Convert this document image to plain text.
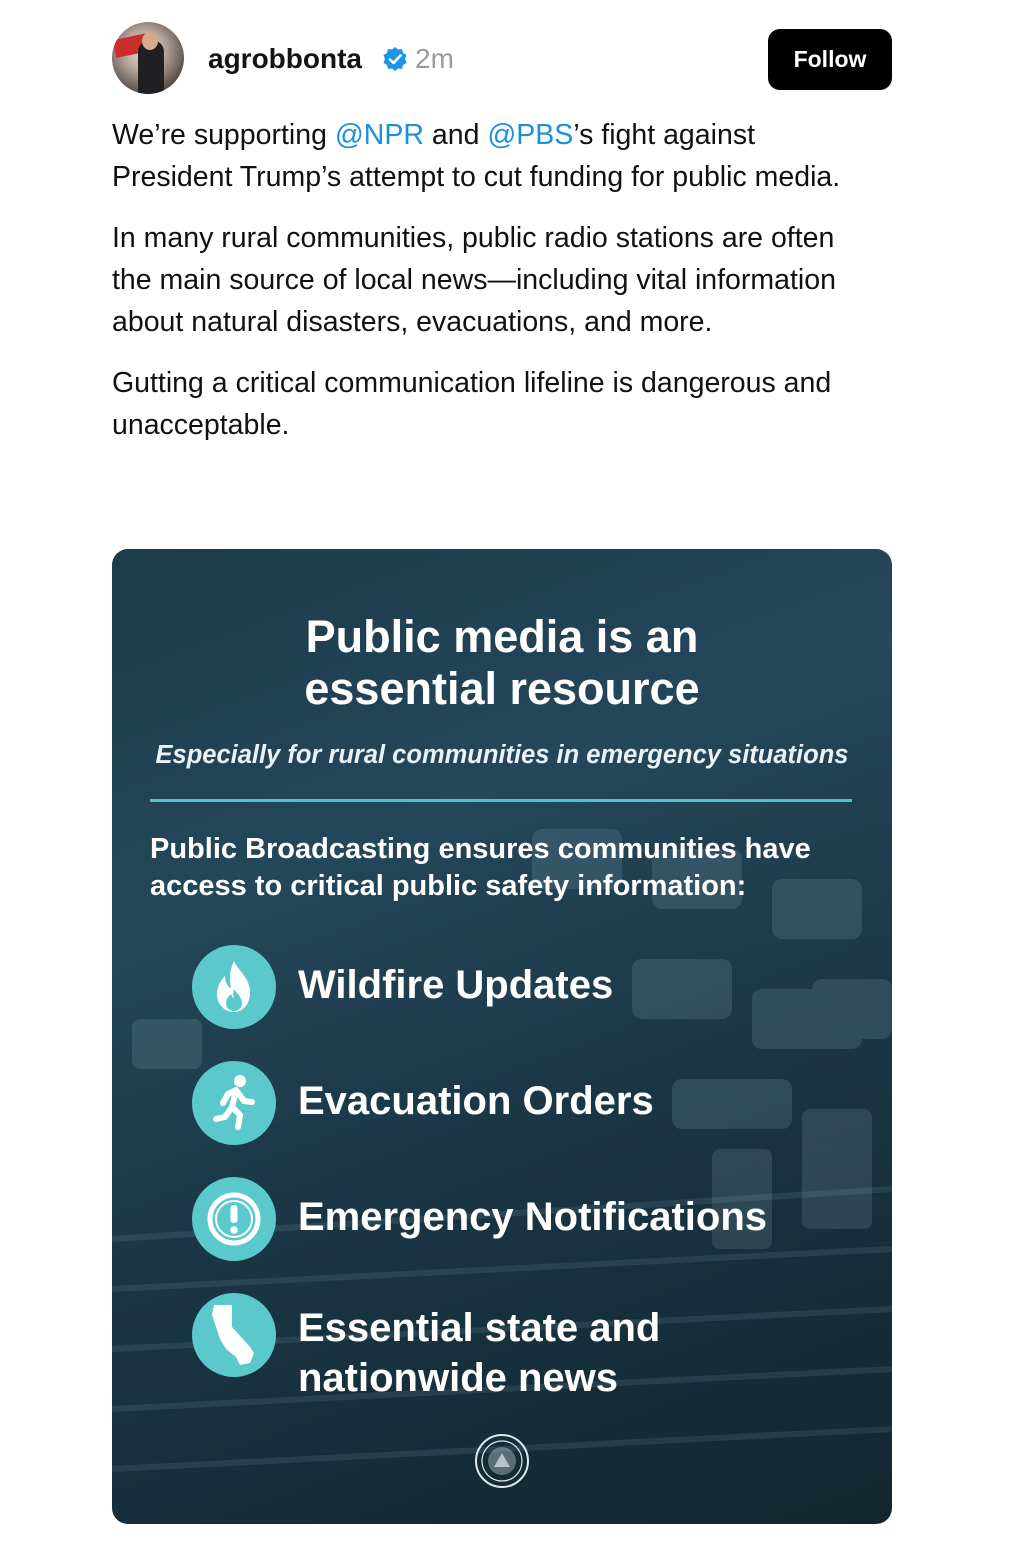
agrobbonta 2m	Follow

We’re supporting @NPR and @PBS’s fight against President Trump’s attempt to cut funding for public media.

In many rural communities, public radio stations are often the main source of local news—including vital information about natural disasters, evacuations, and more.

Gutting a critical communication lifeline is dangerous and unacceptable.

Public media is an
essential resource
Especially for rural communities in emergency situations
Public Broadcasting ensures communities have
access to critical public safety information:
Wildfire Updates
Evacuation Orders
Emergency Notifications
Essential state and
nationwide news
